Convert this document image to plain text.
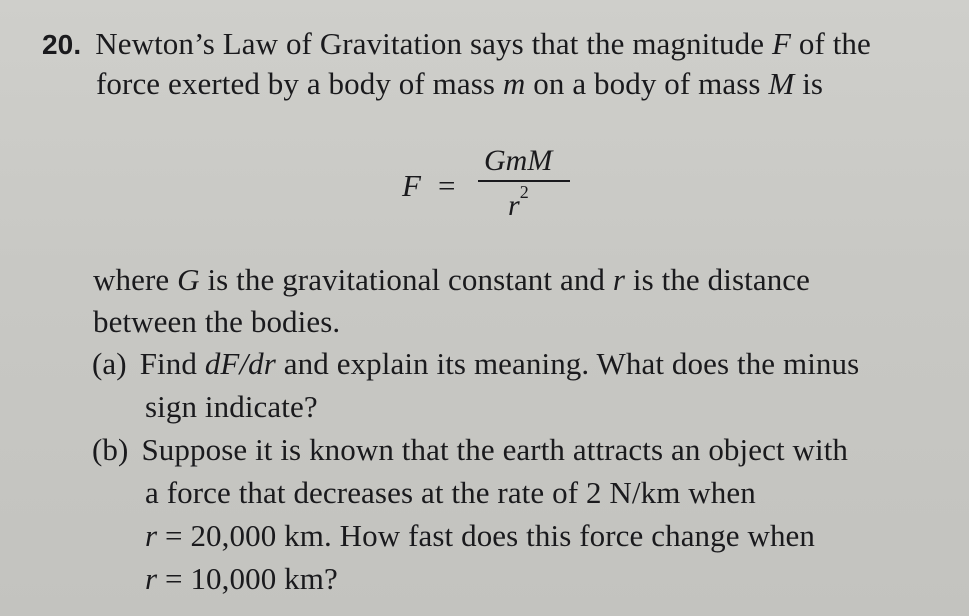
20. Newton’s Law of Gravitation says that the magnitude F of the
force exerted by a body of mass m on a body of mass M is
F =
GmM
$r^2$
where G is the gravitational constant and r is the distance
between the bodies.
(a) Find dF/dr and explain its meaning. What does the minus
sign indicate?
(b) Suppose it is known that the earth attracts an object with
a force that decreases at the rate of 2 N/km when
r = 20,000 km. How fast does this force change when
r = 10,000 km?
